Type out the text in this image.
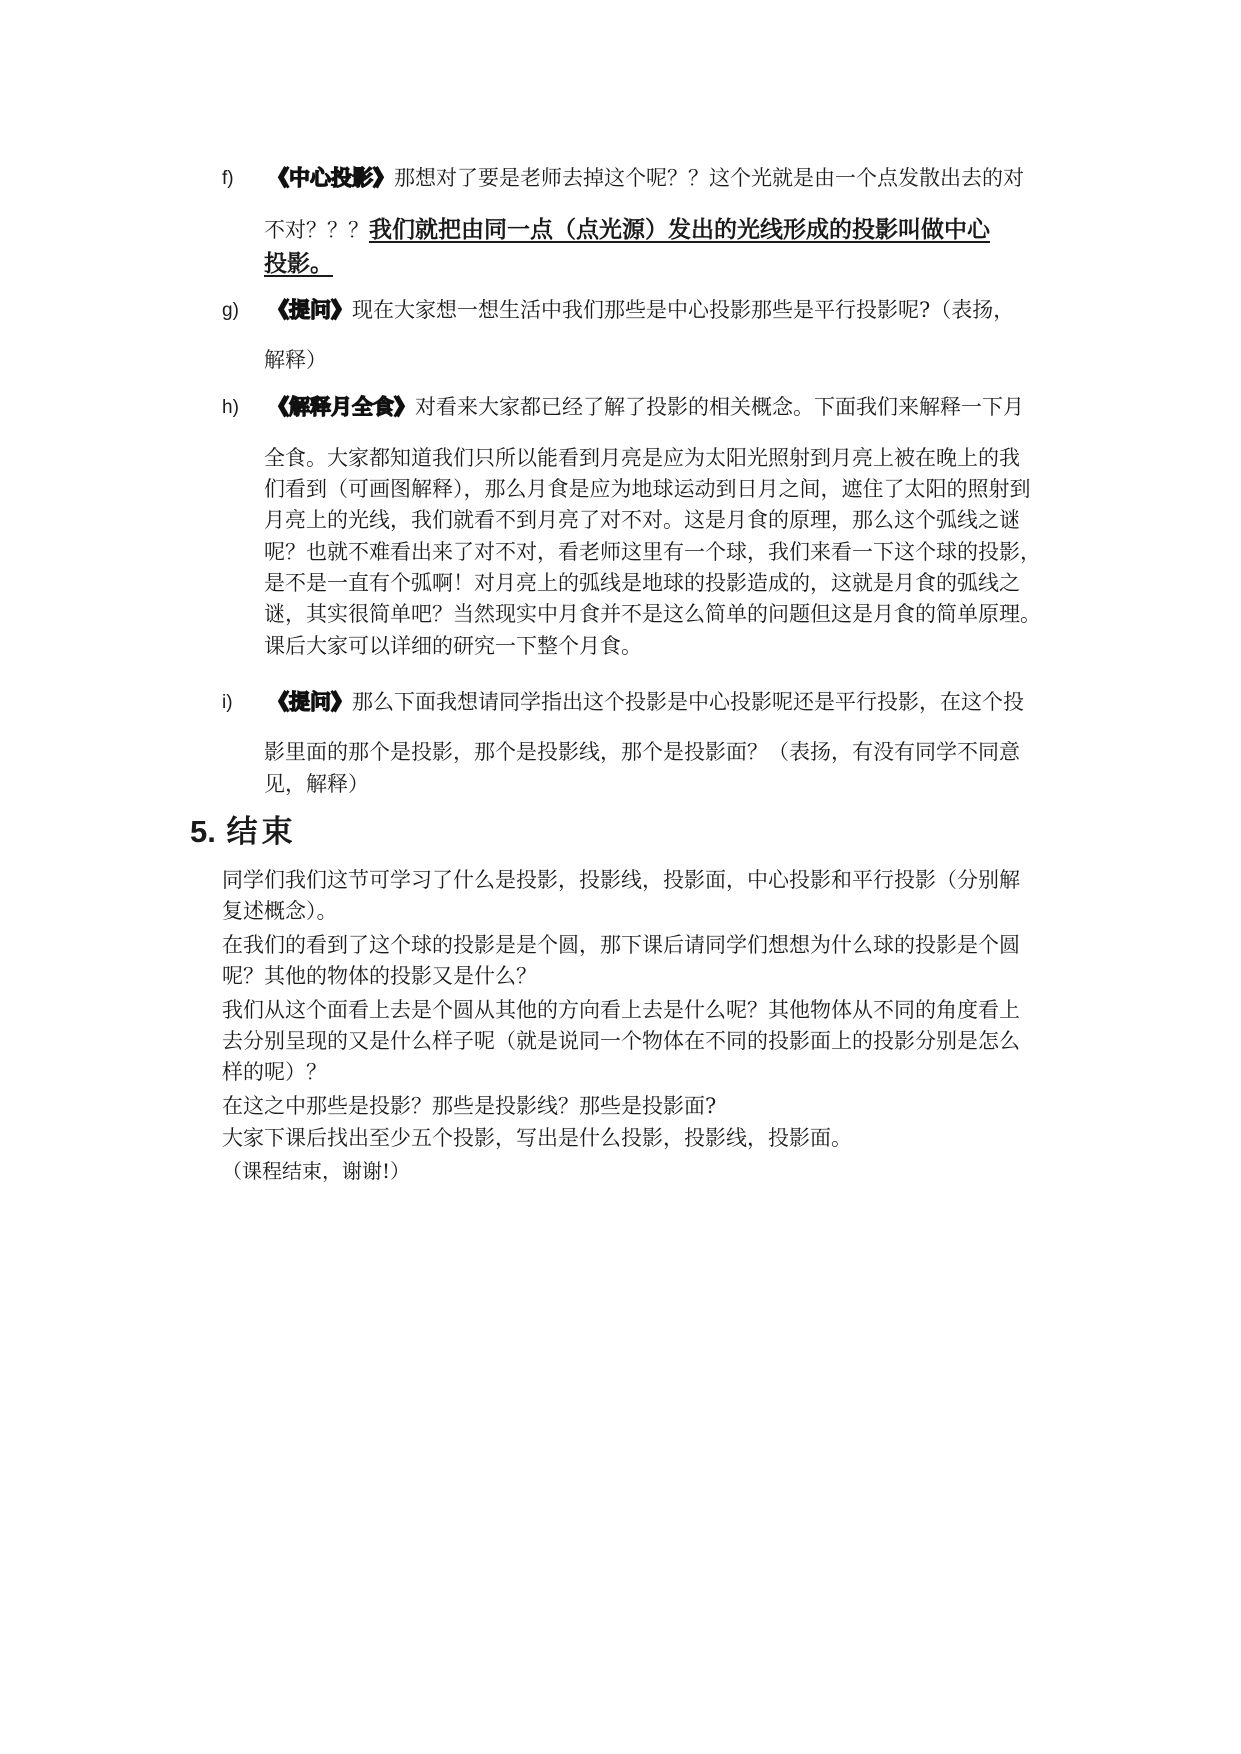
f) 《中心投影》那想对了要是老师去掉这个呢？？这个光就是由一个点发散出去的对
不对？？？我们就把由同一点（点光源）发出的光线形成的投影叫做中心
投影。
g) 《提问》现在大家想一想生活中我们那些是中心投影那些是平行投影呢?（表扬，
解释）
h) 《解释月全食》对看来大家都已经了解了投影的相关概念。下面我们来解释一下月
全食。大家都知道我们只所以能看到月亮是应为太阳光照射到月亮上被在晚上的我
们看到（可画图解释），那么月食是应为地球运动到日月之间，遮住了太阳的照射到
月亮上的光线，我们就看不到月亮了对不对。这是月食的原理，那么这个弧线之谜
呢？也就不难看出来了对不对，看老师这里有一个球，我们来看一下这个球的投影，
是不是一直有个弧啊！对月亮上的弧线是地球的投影造成的，这就是月食的弧线之
谜，其实很简单吧？当然现实中月食并不是这么简单的问题但这是月食的简单原理。
课后大家可以详细的研究一下整个月食。
i) 《提问》那么下面我想请同学指出这个投影是中心投影呢还是平行投影，在这个投
影里面的那个是投影，那个是投影线，那个是投影面？（表扬，有没有同学不同意
见，解释）
5. 结束
同学们我们这节可学习了什么是投影，投影线，投影面，中心投影和平行投影（分别解
复述概念）。
在我们的看到了这个球的投影是是个圆，那下课后请同学们想想为什么球的投影是个圆
呢？其他的物体的投影又是什么？
我们从这个面看上去是个圆从其他的方向看上去是什么呢？其他物体从不同的角度看上
去分别呈现的又是什么样子呢（就是说同一个物体在不同的投影面上的投影分别是怎么
样的呢）？
在这之中那些是投影？那些是投影线？那些是投影面?
大家下课后找出至少五个投影，写出是什么投影，投影线，投影面。
（课程结束，谢谢!）
